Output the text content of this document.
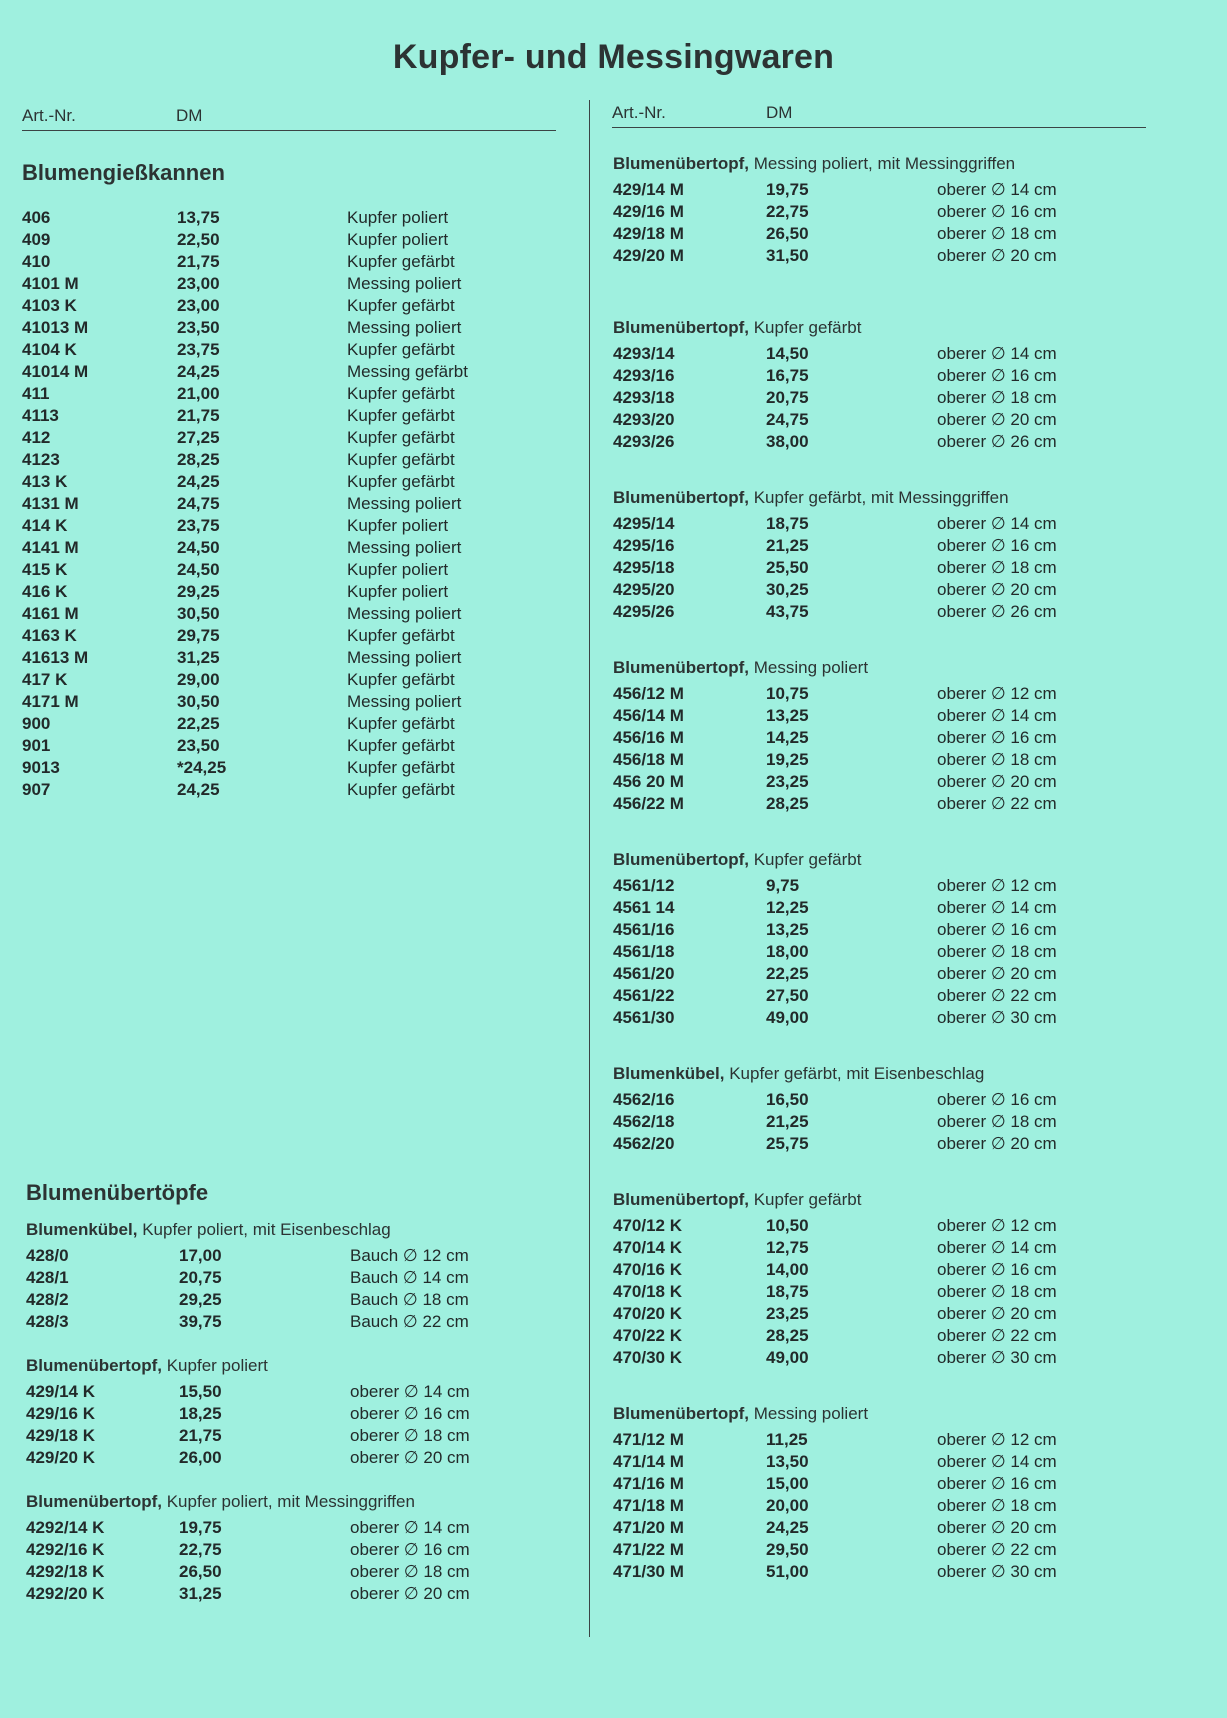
Kupfer- und Messingwaren
Art.-Nr.	DM	Art.-Nr.	DM
Blumengießkannen
406	13,75	Kupfer poliert
409	22,50	Kupfer poliert
410	21,75	Kupfer gefärbt
4101 M	23,00	Messing poliert
4103 K	23,00	Kupfer gefärbt
41013 M	23,50	Messing poliert
4104 K	23,75	Kupfer gefärbt
41014 M	24,25	Messing gefärbt
411	21,00	Kupfer gefärbt
4113	21,75	Kupfer gefärbt
412	27,25	Kupfer gefärbt
4123	28,25	Kupfer gefärbt
413 K	24,25	Kupfer gefärbt
4131 M	24,75	Messing poliert
414 K	23,75	Kupfer poliert
4141 M	24,50	Messing poliert
415 K	24,50	Kupfer poliert
416 K	29,25	Kupfer poliert
4161 M	30,50	Messing poliert
4163 K	29,75	Kupfer gefärbt
41613 M	31,25	Messing poliert
417 K	29,00	Kupfer gefärbt
4171 M	30,50	Messing poliert
900	22,25	Kupfer gefärbt
901	23,50	Kupfer gefärbt
9013	*24,25	Kupfer gefärbt
907	24,25	Kupfer gefärbt
Blumenübertöpfe
Blumenkübel, Kupfer poliert, mit Eisenbeschlag
428/0	17,00	Bauch ∅ 12 cm
428/1	20,75	Bauch ∅ 14 cm
428/2	29,25	Bauch ∅ 18 cm
428/3	39,75	Bauch ∅ 22 cm
Blumenübertopf, Kupfer poliert
429/14 K	15,50	oberer ∅ 14 cm
429/16 K	18,25	oberer ∅ 16 cm
429/18 K	21,75	oberer ∅ 18 cm
429/20 K	26,00	oberer ∅ 20 cm
Blumenübertopf, Kupfer poliert, mit Messinggriffen
4292/14 K	19,75	oberer ∅ 14 cm
4292/16 K	22,75	oberer ∅ 16 cm
4292/18 K	26,50	oberer ∅ 18 cm
4292/20 K	31,25	oberer ∅ 20 cm
Blumenübertopf, Messing poliert, mit Messinggriffen
429/14 M	19,75	oberer ∅ 14 cm
429/16 M	22,75	oberer ∅ 16 cm
429/18 M	26,50	oberer ∅ 18 cm
429/20 M	31,50	oberer ∅ 20 cm
Blumenübertopf, Kupfer gefärbt
4293/14	14,50	oberer ∅ 14 cm
4293/16	16,75	oberer ∅ 16 cm
4293/18	20,75	oberer ∅ 18 cm
4293/20	24,75	oberer ∅ 20 cm
4293/26	38,00	oberer ∅ 26 cm
Blumenübertopf, Kupfer gefärbt, mit Messinggriffen
4295/14	18,75	oberer ∅ 14 cm
4295/16	21,25	oberer ∅ 16 cm
4295/18	25,50	oberer ∅ 18 cm
4295/20	30,25	oberer ∅ 20 cm
4295/26	43,75	oberer ∅ 26 cm
Blumenübertopf, Messing poliert
456/12 M	10,75	oberer ∅ 12 cm
456/14 M	13,25	oberer ∅ 14 cm
456/16 M	14,25	oberer ∅ 16 cm
456/18 M	19,25	oberer ∅ 18 cm
456 20 M	23,25	oberer ∅ 20 cm
456/22 M	28,25	oberer ∅ 22 cm
Blumenübertopf, Kupfer gefärbt
4561/12	9,75	oberer ∅ 12 cm
4561 14	12,25	oberer ∅ 14 cm
4561/16	13,25	oberer ∅ 16 cm
4561/18	18,00	oberer ∅ 18 cm
4561/20	22,25	oberer ∅ 20 cm
4561/22	27,50	oberer ∅ 22 cm
4561/30	49,00	oberer ∅ 30 cm
Blumenkübel, Kupfer gefärbt, mit Eisenbeschlag
4562/16	16,50	oberer ∅ 16 cm
4562/18	21,25	oberer ∅ 18 cm
4562/20	25,75	oberer ∅ 20 cm
Blumenübertopf, Kupfer gefärbt
470/12 K	10,50	oberer ∅ 12 cm
470/14 K	12,75	oberer ∅ 14 cm
470/16 K	14,00	oberer ∅ 16 cm
470/18 K	18,75	oberer ∅ 18 cm
470/20 K	23,25	oberer ∅ 20 cm
470/22 K	28,25	oberer ∅ 22 cm
470/30 K	49,00	oberer ∅ 30 cm
Blumenübertopf, Messing poliert
471/12 M	11,25	oberer ∅ 12 cm
471/14 M	13,50	oberer ∅ 14 cm
471/16 M	15,00	oberer ∅ 16 cm
471/18 M	20,00	oberer ∅ 18 cm
471/20 M	24,25	oberer ∅ 20 cm
471/22 M	29,50	oberer ∅ 22 cm
471/30 M	51,00	oberer ∅ 30 cm
